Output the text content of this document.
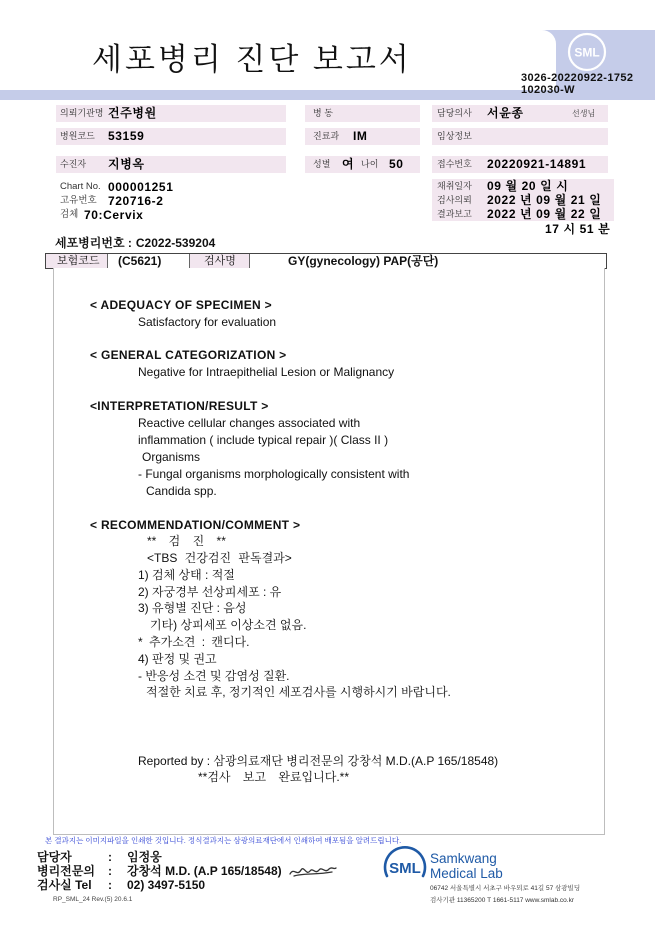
세포병리 진단 보고서	SML
3026-20220922-1752
102030-W
의뢰기관명 건주병원	병 동	담당의사 서윤종	선생님
병원코드 53159	진료과 IM	임상정보
수진자 지병옥	성별 여 나이 50	접수번호 20220921-14891
Chart No. 000001251
고유번호 720716-2
검체 70:Cervix
채취일자 09 월 20 일 시
검사의뢰 2022 년 09 월 21 일
결과보고 2022 년 09 월 22 일
17 시 51 분
세포병리번호 : C2022-539204
보험코드	(C5621)	검사명	GY(gynecology) PAP(공단)
< ADEQUACY OF SPECIMEN >
Satisfactory for evaluation
< GENERAL CATEGORIZATION >
Negative for Intraepithelial Lesion or Malignancy
<INTERPRETATION/RESULT >
Reactive cellular changes associated with
inflammation ( include typical repair )( Class II )
Organisms
- Fungal organisms morphologically consistent with
Candida spp.
< RECOMMENDATION/COMMENT >
** 검 진 **
<TBS 건강검진 판독결과>
1) 검체 상태 : 적절
2) 자궁경부 선상피세포 : 유
3) 유형별 진단 : 음성
기타) 상피세포 이상소견 없음.
* 추가소견 : 캔디다.
4) 판정 및 권고
- 반응성 소견 및 감염성 질환.
적절한 치료 후, 정기적인 세포검사를 시행하시기 바랍니다.
Reported by : 삼광의료재단 병리전문의 강창석 M.D.(A.P 165/18548)
**검사 보고 완료입니다.**
본 결과지는 이미지파일을 인쇄한 것입니다. 정식결과지는 삼광의료재단에서 인쇄하여 배포됨을 알려드립니다.
담당자	: 임정웅
병리전문의 : 강창석 M.D. (A.P 165/18548)
검사실 Tel : 02) 3497-5150
RP_SML_24 Rev.(5) 20.6.1
SML
Samkwang
Medical Lab
06742 서울특별시 서초구 바우뫼로 41길 57 삼광빌딩
검사기관 11365200 T 1661-5117 www.smlab.co.kr
